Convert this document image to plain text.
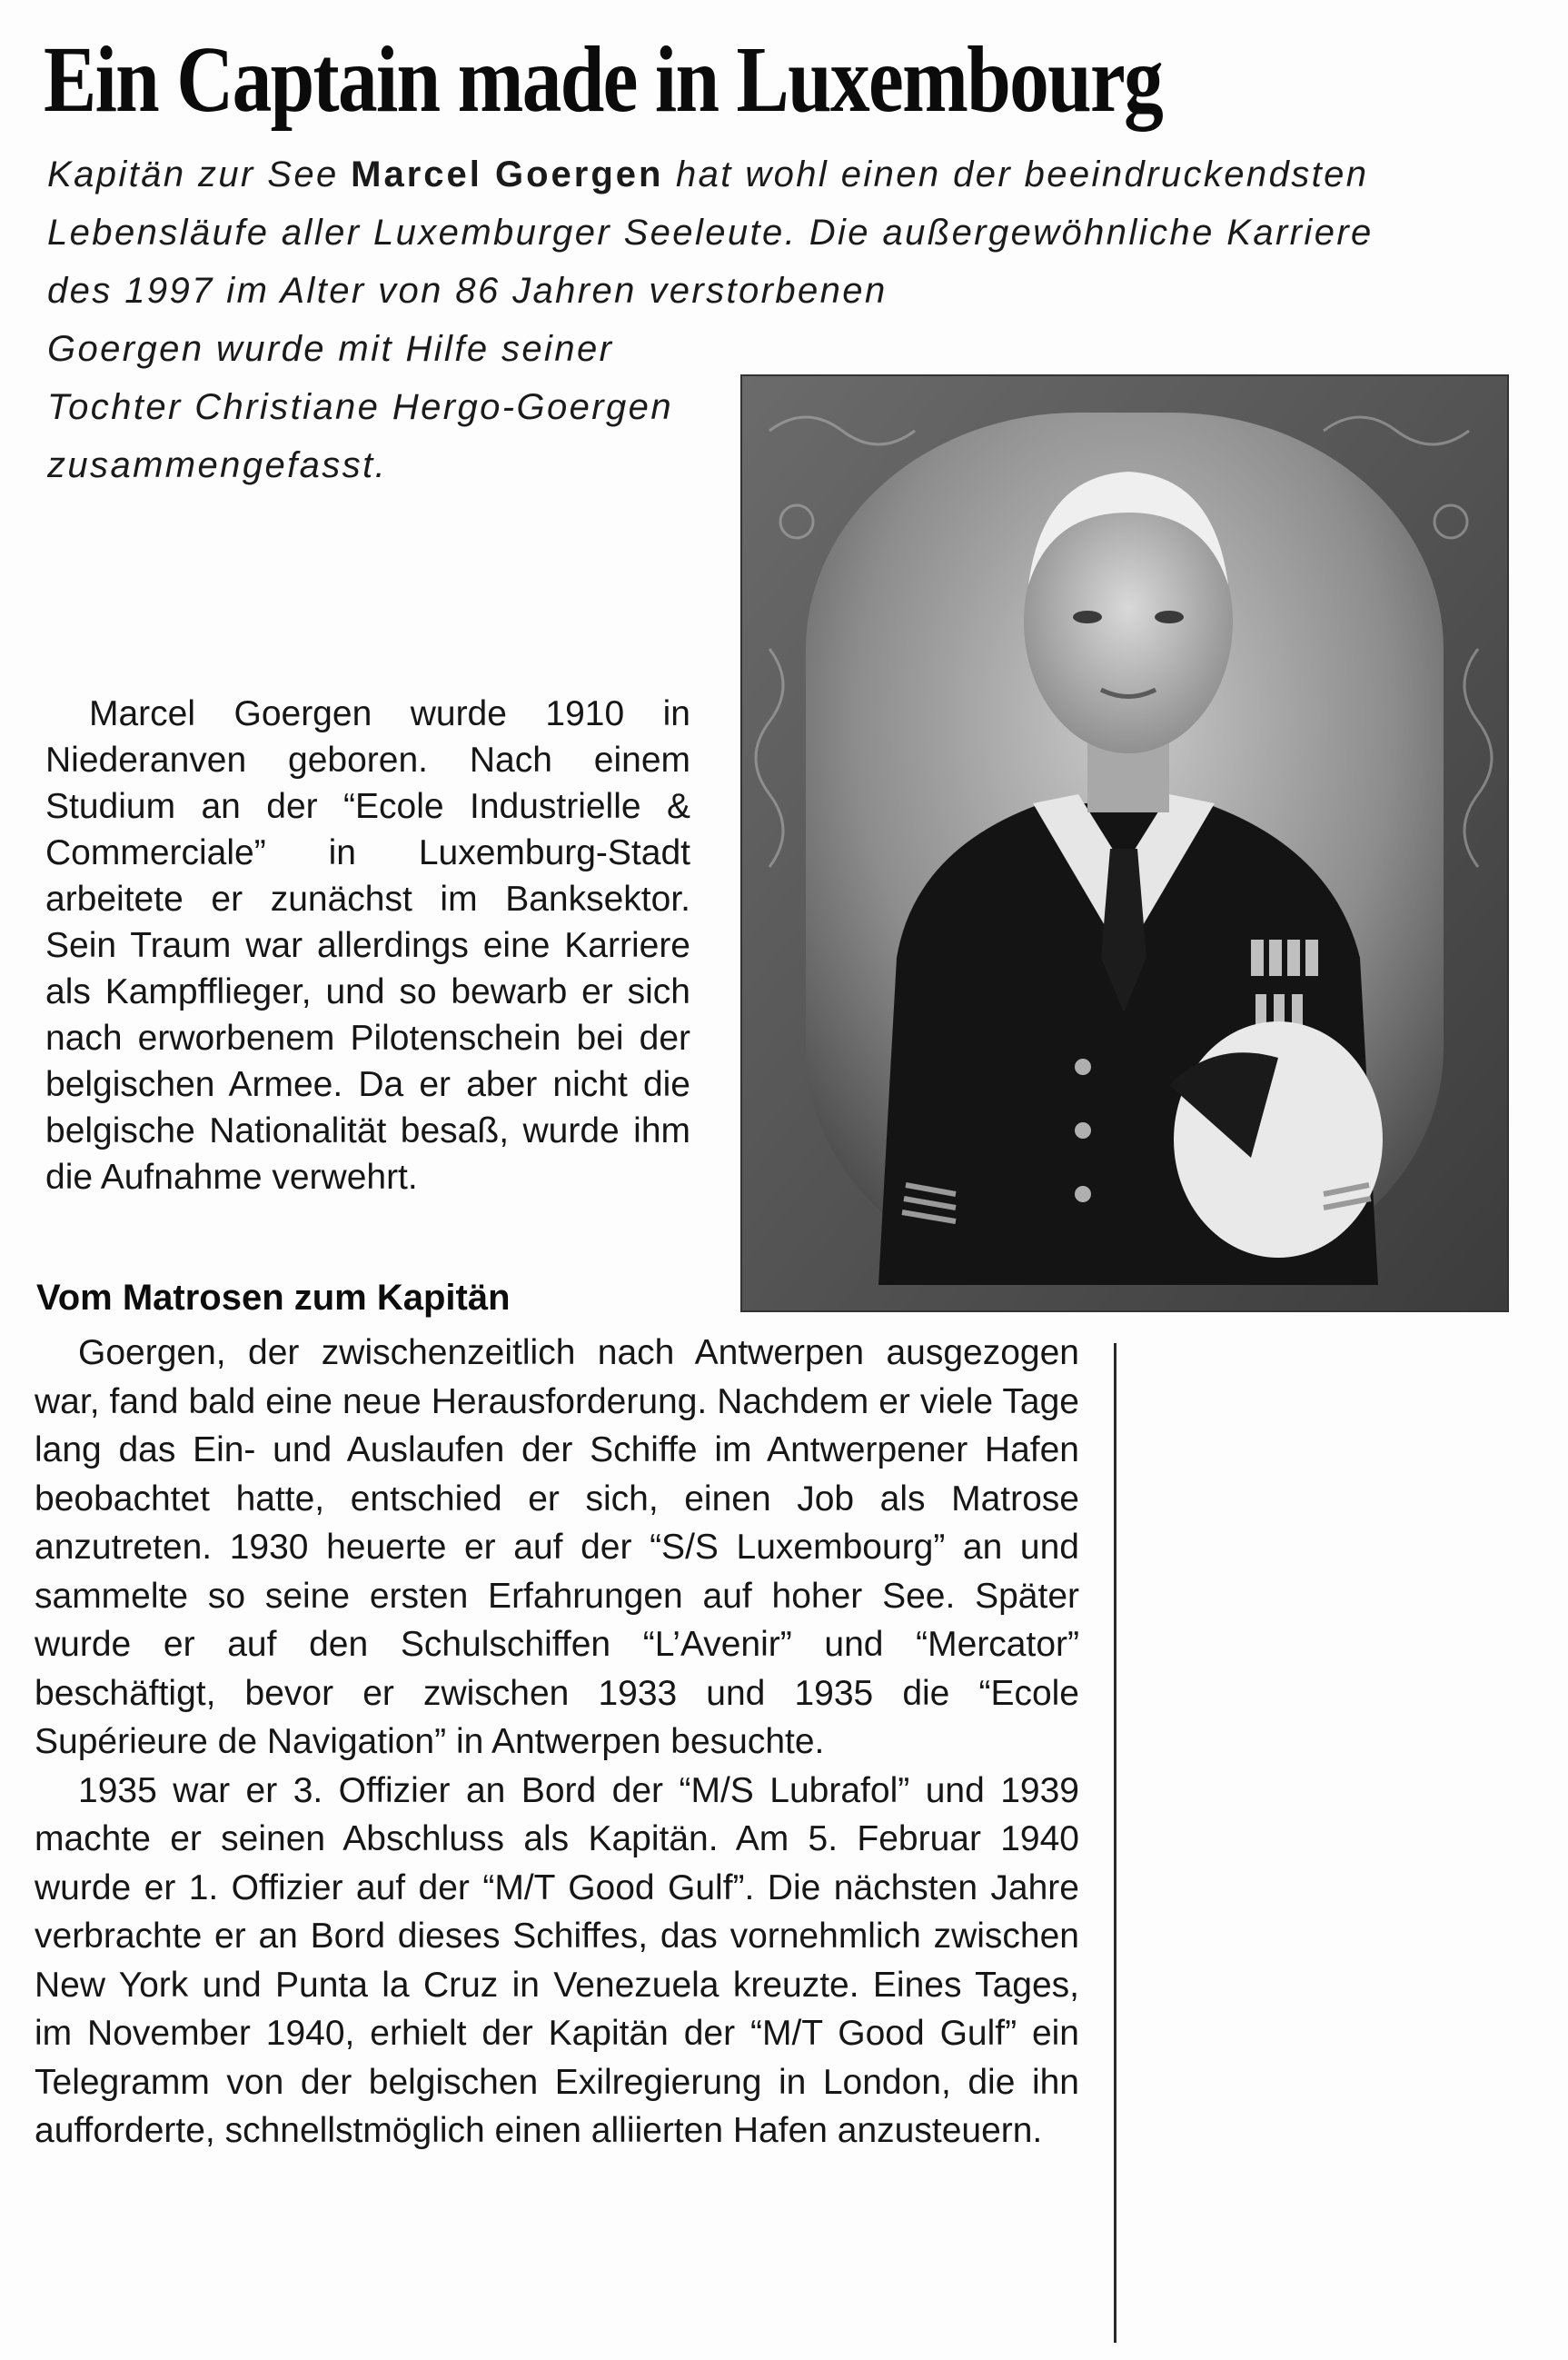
Ein Captain made in Luxembourg

Kapitän zur See Marcel Goergen hat wohl einen der beeindruckendsten Lebensläufe aller Luxemburger Seeleute. Die außergewöhnliche Karriere des 1997 im Alter von 86 Jahren verstorbenen
Goergen wurde mit Hilfe seiner Tochter Christiane Hergo-Goergen zusammengefasst.

Marcel Goergen wurde 1910 in Niederanven geboren. Nach einem Studium an der “Ecole Industrielle & Commerciale” in Luxemburg-Stadt arbeitete er zunächst im Banksektor. Sein Traum war allerdings eine Karriere als Kampfflieger, und so bewarb er sich nach erworbenem Pilotenschein bei der belgischen Armee. Da er aber nicht die belgische Nationalität besaß, wurde ihm die Aufnahme verwehrt.

Vom Matrosen zum Kapitän

Goergen, der zwischenzeitlich nach Antwerpen ausgezogen war, fand bald eine neue Herausforderung. Nachdem er viele Tage lang das Ein- und Auslaufen der Schiffe im Antwerpener Hafen beobachtet hatte, entschied er sich, einen Job als Matrose anzutreten. 1930 heuerte er auf der “S/S Luxembourg” an und sammelte so seine ersten Erfahrungen auf hoher See. Später wurde er auf den Schulschiffen “L’Avenir” und “Mercator” beschäftigt, bevor er zwischen 1933 und 1935 die “Ecole Supérieure de Navigation” in Antwerpen besuchte.

1935 war er 3. Offizier an Bord der “M/S Lubrafol” und 1939 machte er seinen Abschluss als Kapitän. Am 5. Februar 1940 wurde er 1. Offizier auf der “M/T Good Gulf”. Die nächsten Jahre verbrachte er an Bord dieses Schiffes, das vornehmlich zwischen New York und Punta la Cruz in Venezuela kreuzte. Eines Tages, im November 1940, erhielt der Kapitän der “M/T Good Gulf” ein Telegramm von der belgischen Exilregierung in London, die ihn aufforderte, schnellstmöglich einen alliierten Hafen anzusteuern.
